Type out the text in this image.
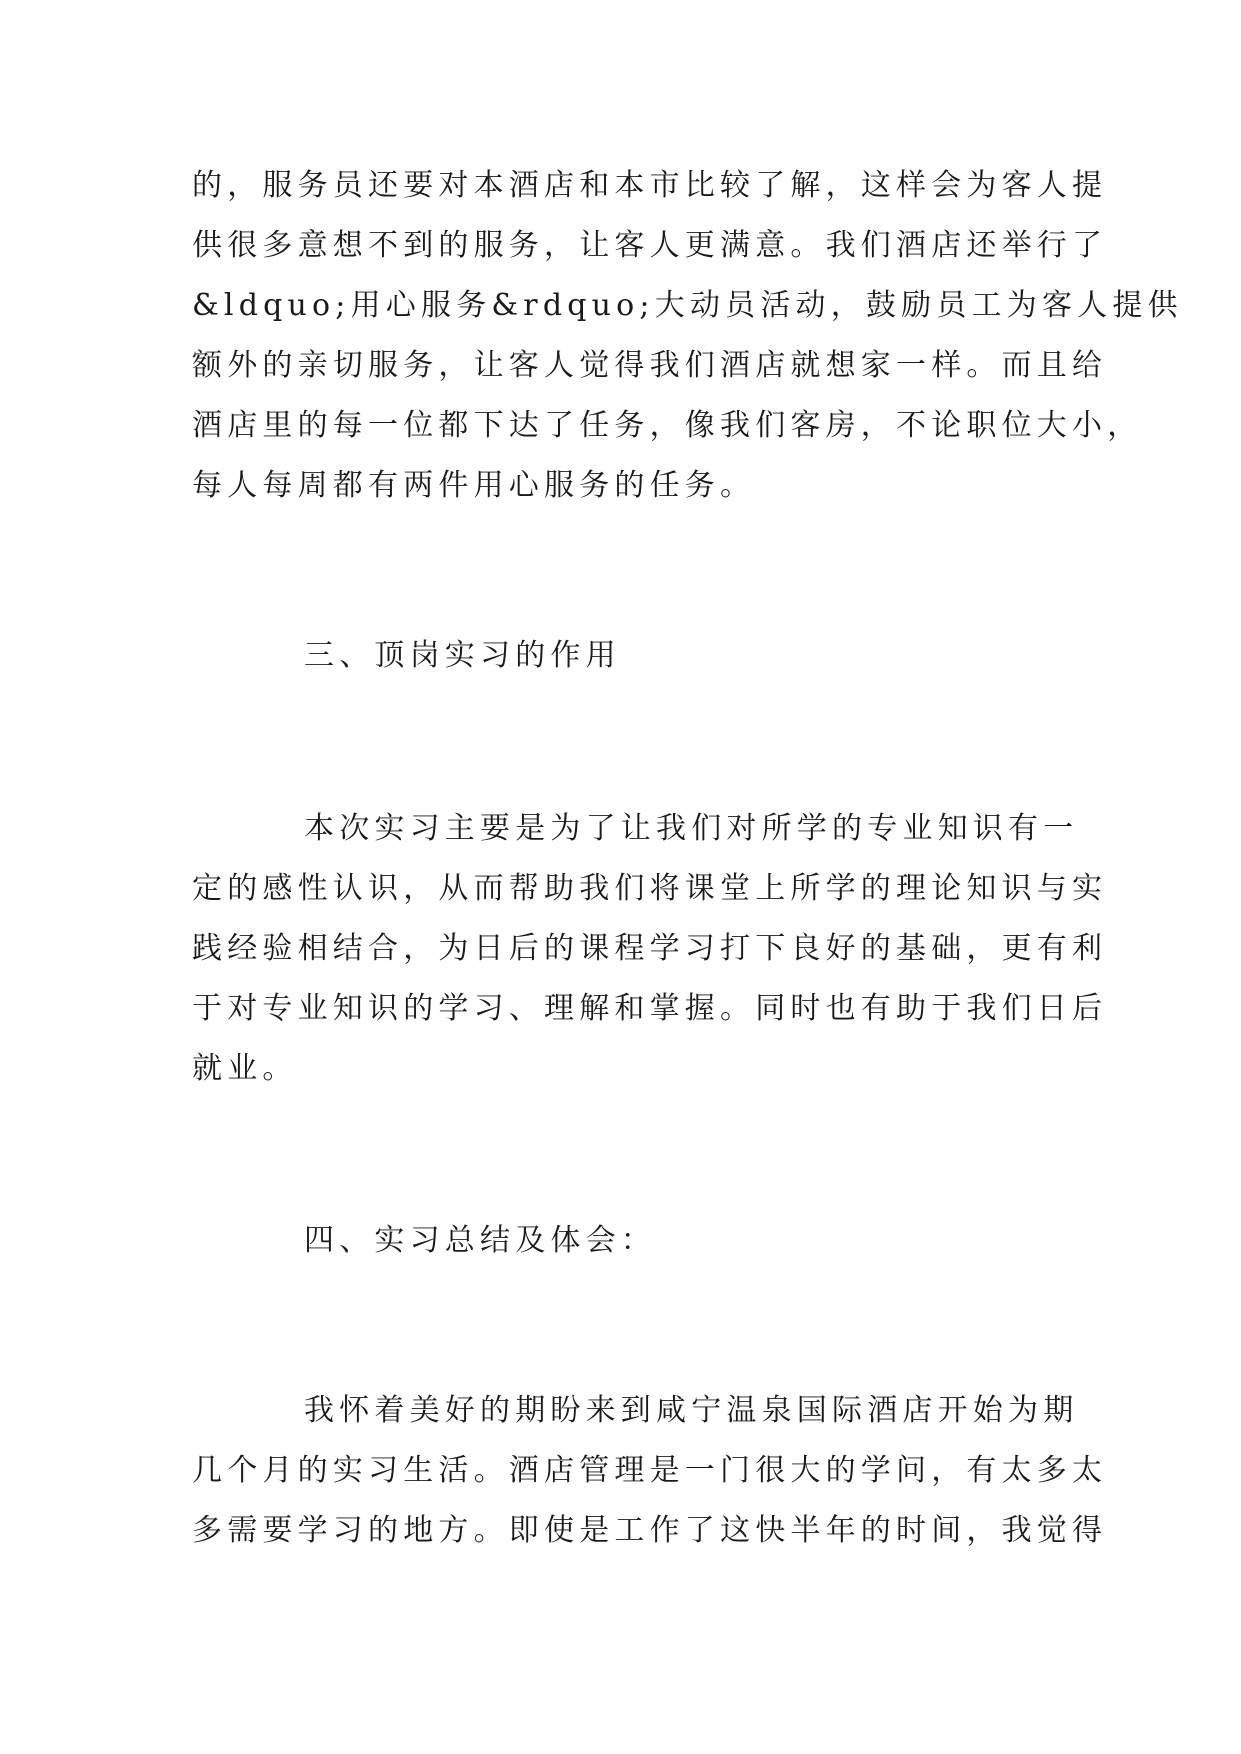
的，服务员还要对本酒店和本市比较了解，这样会为客人提
供很多意想不到的服务，让客人更满意。我们酒店还举行了
&ldquo;用心服务&rdquo;大动员活动，鼓励员工为客人提供
额外的亲切服务，让客人觉得我们酒店就想家一样。而且给
酒店里的每一位都下达了任务，像我们客房，不论职位大小，
每人每周都有两件用心服务的任务。
三、顶岗实习的作用
本次实习主要是为了让我们对所学的专业知识有一
定的感性认识，从而帮助我们将课堂上所学的理论知识与实
践经验相结合，为日后的课程学习打下良好的基础，更有利
于对专业知识的学习、理解和掌握。同时也有助于我们日后
就业。
四、实习总结及体会：
我怀着美好的期盼来到咸宁温泉国际酒店开始为期
几个月的实习生活。酒店管理是一门很大的学问，有太多太
多需要学习的地方。即使是工作了这快半年的时间，我觉得
